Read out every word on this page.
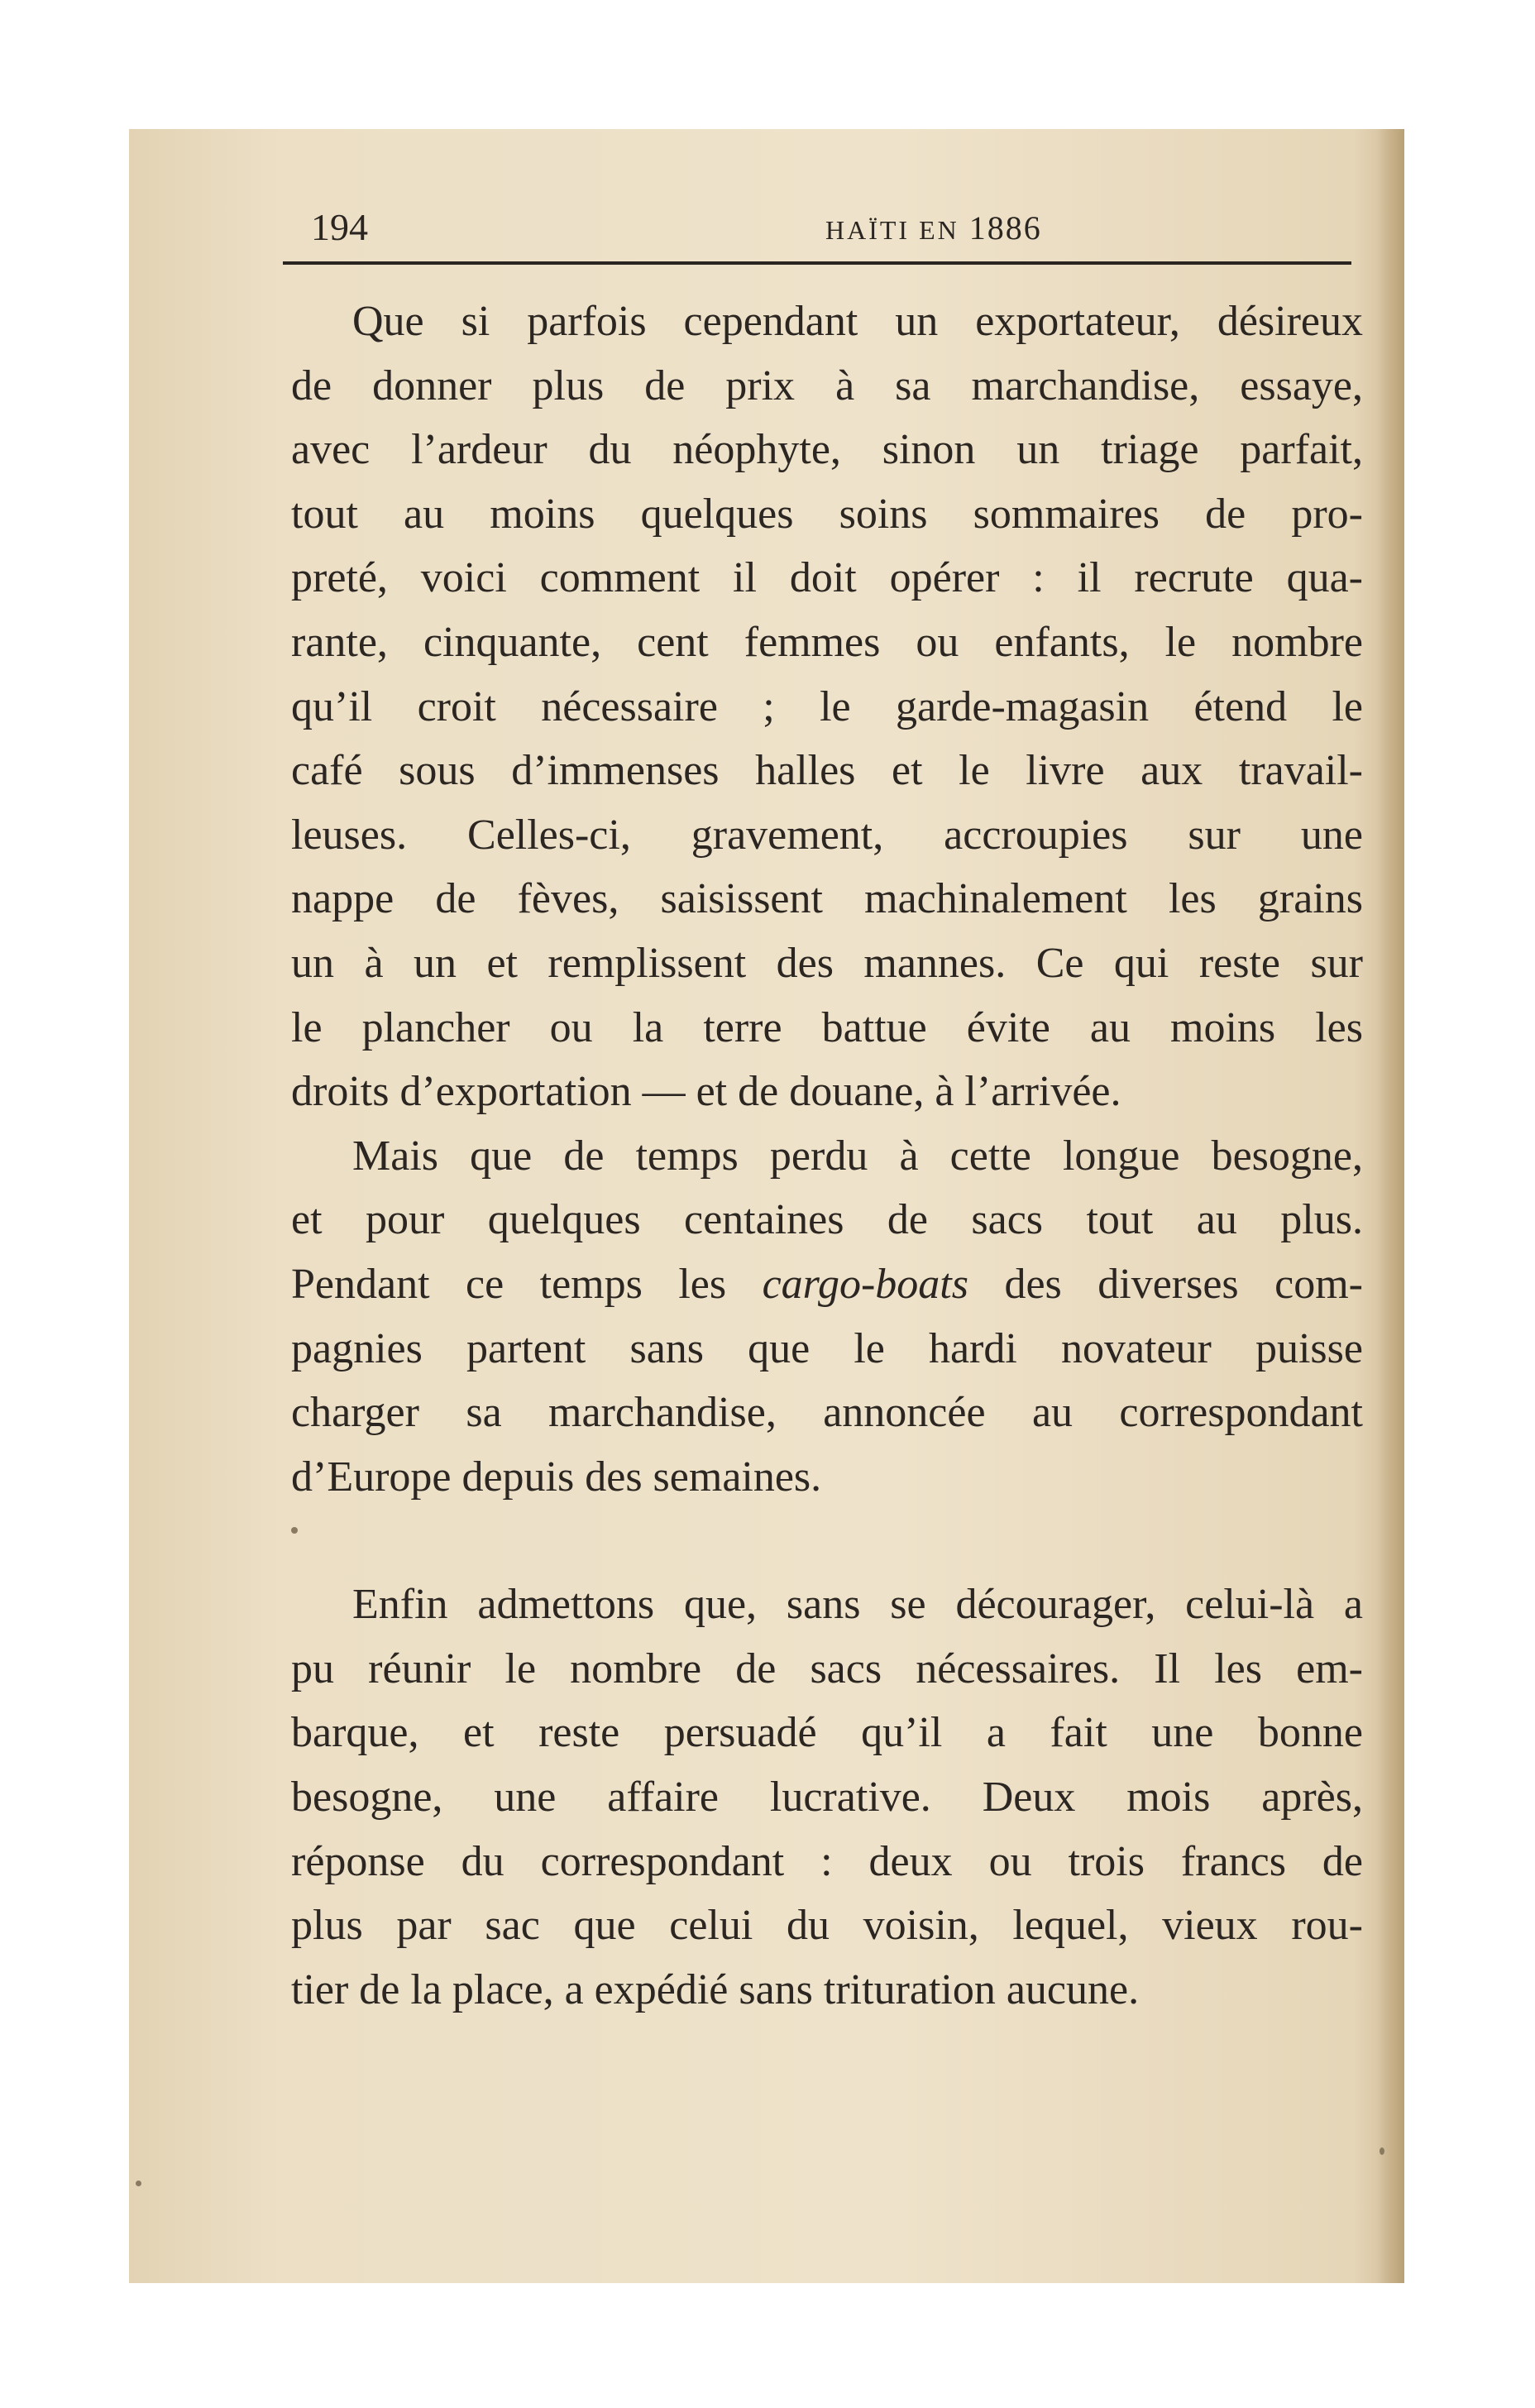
194	HAÏTI EN 1886
Que si parfois cependant un exportateur, désireux
de donner plus de prix à sa marchandise, essaye,
avec l’ardeur du néophyte, sinon un triage parfait,
tout au moins quelques soins sommaires de pro-
preté, voici comment il doit opérer : il recrute qua-
rante, cinquante, cent femmes ou enfants, le nombre
qu’il croit nécessaire ; le garde-magasin étend le
café sous d’immenses halles et le livre aux travail-
leuses. Celles-ci, gravement, accroupies sur une
nappe de fèves, saisissent machinalement les grains
un à un et remplissent des mannes. Ce qui reste sur
le plancher ou la terre battue évite au moins les
droits d’exportation — et de douane, à l’arrivée.
Mais que de temps perdu à cette longue besogne,
et pour quelques centaines de sacs tout au plus.
Pendant ce temps les cargo-boats des diverses com-
pagnies partent sans que le hardi novateur puisse
charger sa marchandise, annoncée au correspondant
d’Europe depuis des semaines.
Enfin admettons que, sans se décourager, celui-là a
pu réunir le nombre de sacs nécessaires. Il les em-
barque, et reste persuadé qu’il a fait une bonne
besogne, une affaire lucrative. Deux mois après,
réponse du correspondant : deux ou trois francs de
plus par sac que celui du voisin, lequel, vieux rou-
tier de la place, a expédié sans trituration aucune.
